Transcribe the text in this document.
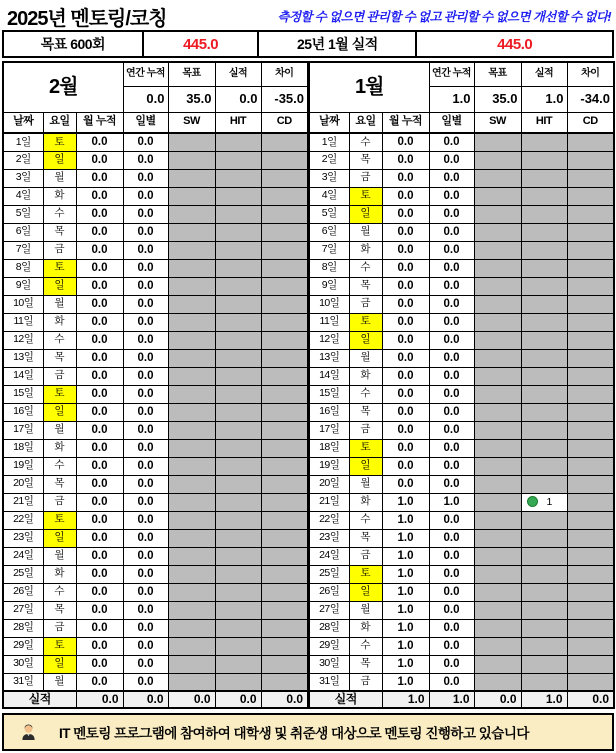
2025년 멘토링/코칭	측정할 수 없으면 관리할 수 없고 관리할 수 없으면 개선할 수 없다!
목표 600회	445.0	25년 1월 실적	445.0
2월			연간 누적	목표	실적	차이
			0.0	35.0	0.0	-35.0
날짜	요일	월 누적	일별	SW	HIT	CD
1일	토	0.0	0.0			
2일	일	0.0	0.0			
3일	월	0.0	0.0			
4일	화	0.0	0.0			
5일	수	0.0	0.0			
6일	목	0.0	0.0			
7일	금	0.0	0.0			
8일	토	0.0	0.0			
9일	일	0.0	0.0			
10일	월	0.0	0.0			
11일	화	0.0	0.0			
12일	수	0.0	0.0			
13일	목	0.0	0.0			
14일	금	0.0	0.0			
15일	토	0.0	0.0			
16일	일	0.0	0.0			
17일	월	0.0	0.0			
18일	화	0.0	0.0			
19일	수	0.0	0.0			
20일	목	0.0	0.0			
21일	금	0.0	0.0			
22일	토	0.0	0.0			
23일	일	0.0	0.0			
24일	월	0.0	0.0			
25일	화	0.0	0.0			
26일	수	0.0	0.0			
27일	목	0.0	0.0			
28일	금	0.0	0.0			
29일	토	0.0	0.0			
30일	일	0.0	0.0			
31일	월	0.0	0.0			
실적		0.0	0.0	0.0	0.0	0.0
1월			연간 누적	목표	실적	차이
			1.0	35.0	1.0	-34.0
날짜	요일	월 누적	일별	SW	HIT	CD
1일	수	0.0	0.0			
2일	목	0.0	0.0			
3일	금	0.0	0.0			
4일	토	0.0	0.0			
5일	일	0.0	0.0			
6일	월	0.0	0.0			
7일	화	0.0	0.0			
8일	수	0.0	0.0			
9일	목	0.0	0.0			
10일	금	0.0	0.0			
11일	토	0.0	0.0			
12일	일	0.0	0.0			
13일	월	0.0	0.0			
14일	화	0.0	0.0			
15일	수	0.0	0.0			
16일	목	0.0	0.0			
17일	금	0.0	0.0			
18일	토	0.0	0.0			
19일	일	0.0	0.0			
20일	월	0.0	0.0			
21일	화	1.0	1.0		1	
22일	수	1.0	0.0			
23일	목	1.0	0.0			
24일	금	1.0	0.0			
25일	토	1.0	0.0			
26일	일	1.0	0.0			
27일	월	1.0	0.0			
28일	화	1.0	0.0			
29일	수	1.0	0.0			
30일	목	1.0	0.0			
31일	금	1.0	0.0			
실적		1.0	1.0	0.0	1.0	0.0
IT 멘토링 프로그램에 참여하여 대학생 및 취준생 대상으로 멘토링 진행하고 있습니다
